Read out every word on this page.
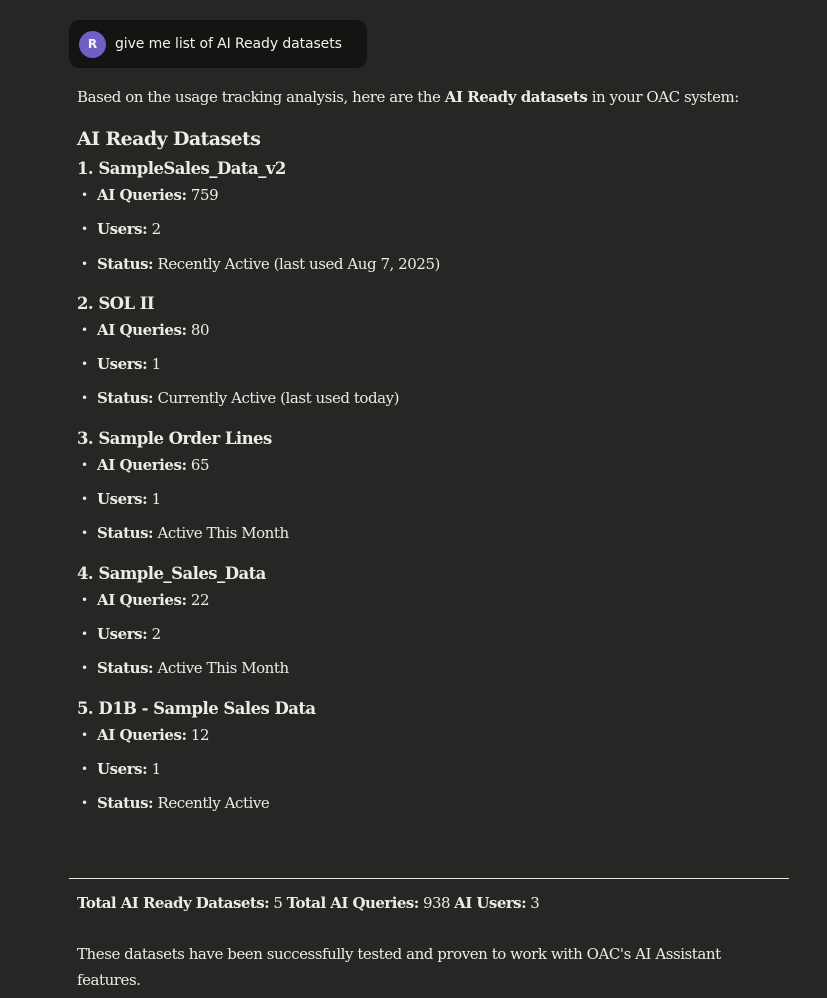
R give me list of AI Ready datasets

Based on the usage tracking analysis, here are the AI Ready datasets in your OAC system:

AI Ready Datasets
1. SampleSales_Data_v2
• AI Queries: 759
• Users: 2
• Status: Recently Active (last used Aug 7, 2025)
2. SOL II
• AI Queries: 80
• Users: 1
• Status: Currently Active (last used today)
3. Sample Order Lines
• AI Queries: 65
• Users: 1
• Status: Active This Month
4. Sample_Sales_Data
• AI Queries: 22
• Users: 2
• Status: Active This Month
5. D1B - Sample Sales Data
• AI Queries: 12
• Users: 1
• Status: Recently Active
Total AI Ready Datasets: 5 Total AI Queries: 938 AI Users: 3

These datasets have been successfully tested and proven to work with OAC's AI Assistant features.
